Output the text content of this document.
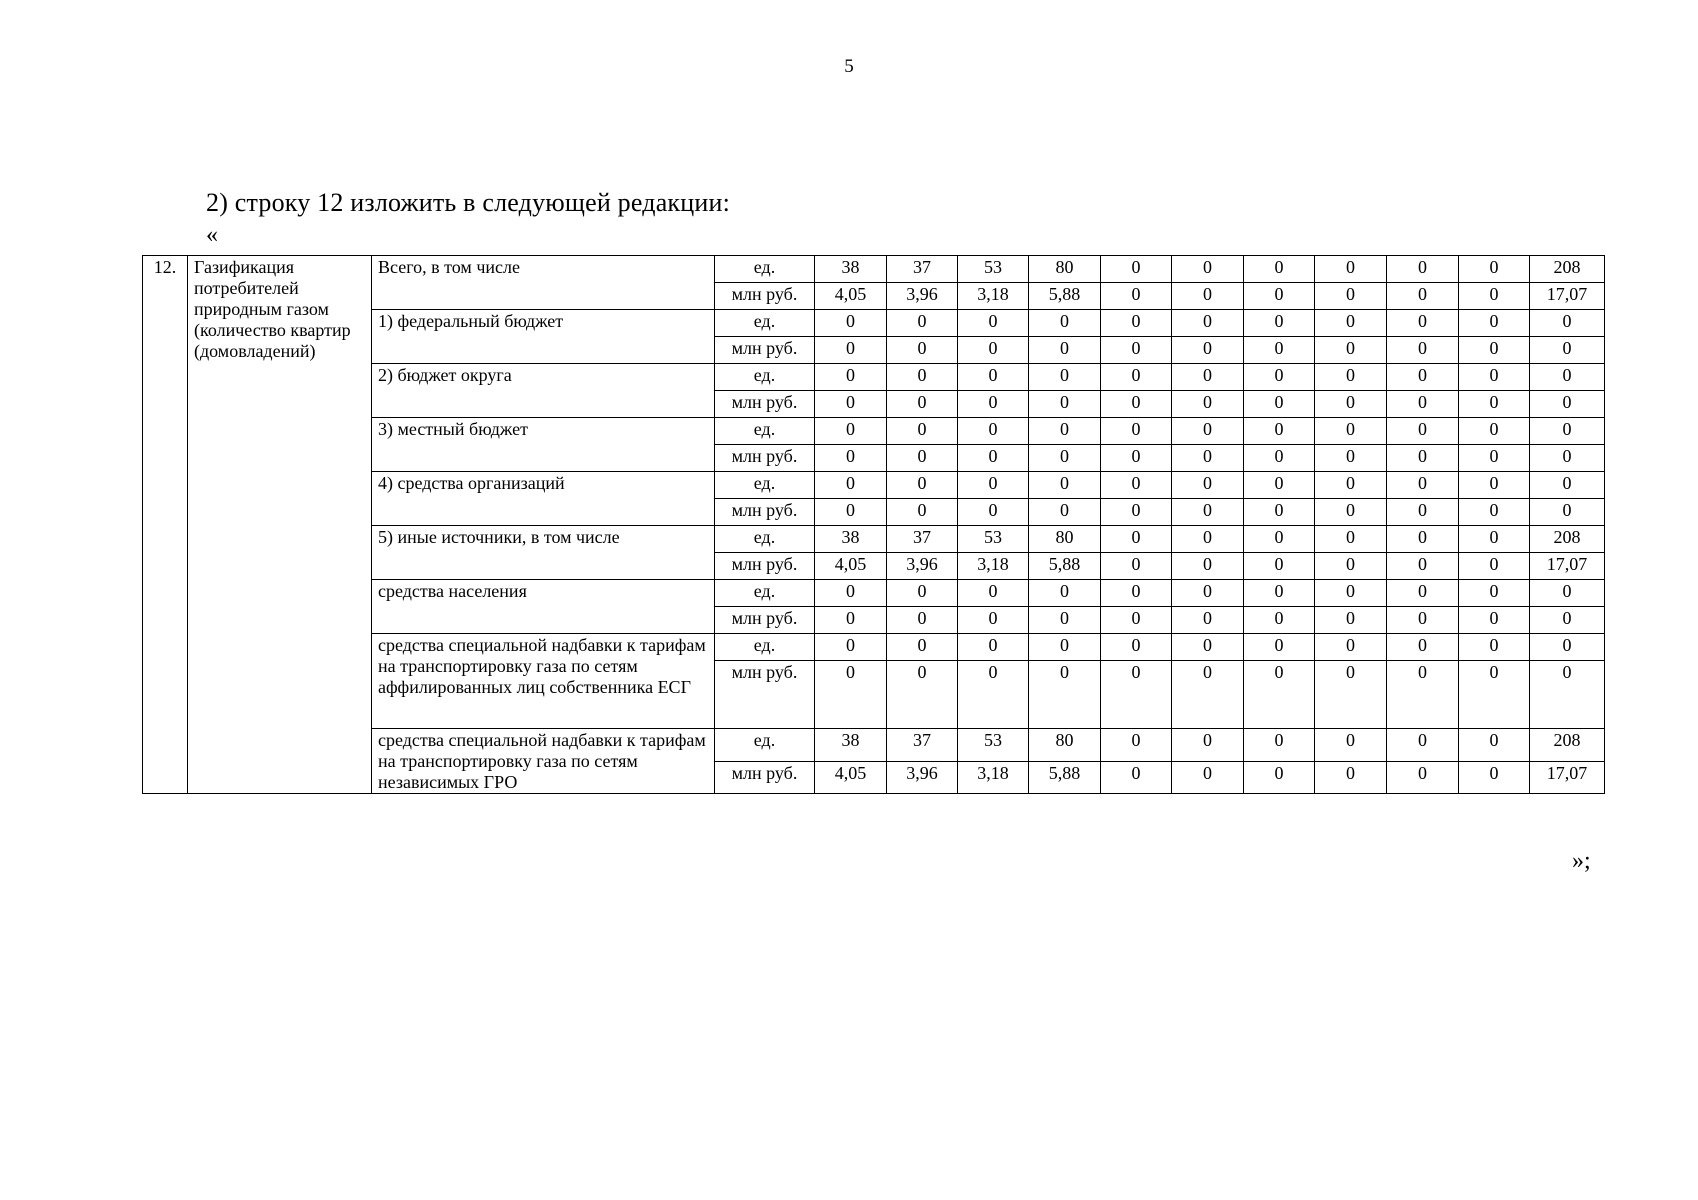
5
2) строку 12 изложить в следующей редакции:
«
12.	Газификация потребителей природным газом (количество квартир (домовладений)	Всего, в том числе	ед.	38	37	53	80	0	0	0	0	0	0	208
			млн руб.	4,05	3,96	3,18	5,88	0	0	0	0	0	0	17,07
		1) федеральный бюджет	ед.	0	0	0	0	0	0	0	0	0	0	0
			млн руб.	0	0	0	0	0	0	0	0	0	0	0
		2) бюджет округа	ед.	0	0	0	0	0	0	0	0	0	0	0
			млн руб.	0	0	0	0	0	0	0	0	0	0	0
		3) местный бюджет	ед.	0	0	0	0	0	0	0	0	0	0	0
			млн руб.	0	0	0	0	0	0	0	0	0	0	0
		4) средства организаций	ед.	0	0	0	0	0	0	0	0	0	0	0
			млн руб.	0	0	0	0	0	0	0	0	0	0	0
		5) иные источники, в том числе	ед.	38	37	53	80	0	0	0	0	0	0	208
			млн руб.	4,05	3,96	3,18	5,88	0	0	0	0	0	0	17,07
		средства населения	ед.	0	0	0	0	0	0	0	0	0	0	0
			млн руб.	0	0	0	0	0	0	0	0	0	0	0
		средства специальной надбавки к тарифам на транспортировку газа по сетям аффилированных лиц собственника ЕСГ	ед.	0	0	0	0	0	0	0	0	0	0	0
			млн руб.	0	0	0	0	0	0	0	0	0	0	0
		средства специальной надбавки к тарифам на транспортировку газа по сетям независимых ГРО	ед.	38	37	53	80	0	0	0	0	0	0	208
			млн руб.	4,05	3,96	3,18	5,88	0	0	0	0	0	0	17,07
»;
